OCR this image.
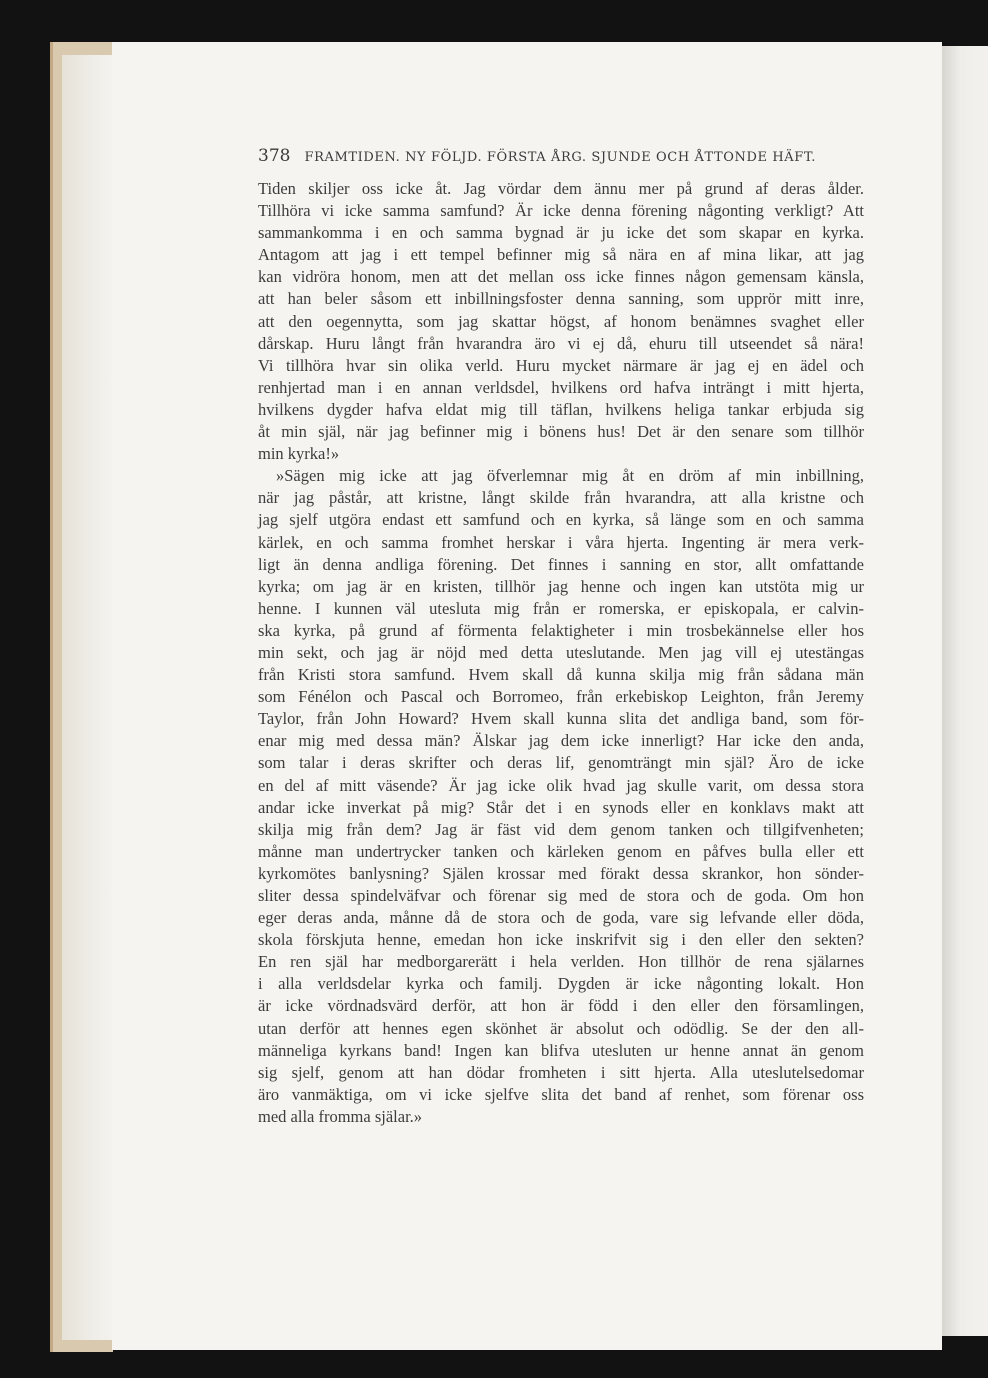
378 FRAMTIDEN. NY FÖLJD. FÖRSTA ÅRG. SJUNDE OCH ÅTTONDE HÄFT.
Tiden skiljer oss icke åt. Jag vördar dem ännu mer på grund af deras ålder.
Tillhöra vi icke samma samfund? Är icke denna förening någonting verkligt? Att
sammankomma i en och samma bygnad är ju icke det som skapar en kyrka.
Antagom att jag i ett tempel befinner mig så nära en af mina likar, att jag
kan vidröra honom, men att det mellan oss icke finnes någon gemensam känsla,
att han beler såsom ett inbillningsfoster denna sanning, som upprör mitt inre,
att den oegennytta, som jag skattar högst, af honom benämnes svaghet eller
dårskap. Huru långt från hvarandra äro vi ej då, ehuru till utseendet så nära!
Vi tillhöra hvar sin olika verld. Huru mycket närmare är jag ej en ädel och
renhjertad man i en annan verldsdel, hvilkens ord hafva inträngt i mitt hjerta,
hvilkens dygder hafva eldat mig till täflan, hvilkens heliga tankar erbjuda sig
åt min själ, när jag befinner mig i bönens hus! Det är den senare som tillhör
min kyrka!»
»Sägen mig icke att jag öfverlemnar mig åt en dröm af min inbillning,
när jag påstår, att kristne, långt skilde från hvarandra, att alla kristne och
jag sjelf utgöra endast ett samfund och en kyrka, så länge som en och samma
kärlek, en och samma fromhet herskar i våra hjerta. Ingenting är mera verk-
ligt än denna andliga förening. Det finnes i sanning en stor, allt omfattande
kyrka; om jag är en kristen, tillhör jag henne och ingen kan utstöta mig ur
henne. I kunnen väl utesluta mig från er romerska, er episkopala, er calvin-
ska kyrka, på grund af förmenta felaktigheter i min trosbekännelse eller hos
min sekt, och jag är nöjd med detta uteslutande. Men jag vill ej utestängas
från Kristi stora samfund. Hvem skall då kunna skilja mig från sådana män
som Fénélon och Pascal och Borromeo, från erkebiskop Leighton, från Jeremy
Taylor, från John Howard? Hvem skall kunna slita det andliga band, som för-
enar mig med dessa män? Älskar jag dem icke innerligt? Har icke den anda,
som talar i deras skrifter och deras lif, genomträngt min själ? Äro de icke
en del af mitt väsende? Är jag icke olik hvad jag skulle varit, om dessa stora
andar icke inverkat på mig? Står det i en synods eller en konklavs makt att
skilja mig från dem? Jag är fäst vid dem genom tanken och tillgifvenheten;
månne man undertrycker tanken och kärleken genom en påfves bulla eller ett
kyrkomötes banlysning? Själen krossar med förakt dessa skrankor, hon sönder-
sliter dessa spindelväfvar och förenar sig med de stora och de goda. Om hon
eger deras anda, månne då de stora och de goda, vare sig lefvande eller döda,
skola förskjuta henne, emedan hon icke inskrifvit sig i den eller den sekten?
En ren själ har medborgarerätt i hela verlden. Hon tillhör de rena själarnes
i alla verldsdelar kyrka och familj. Dygden är icke någonting lokalt. Hon
är icke vördnadsvärd derför, att hon är född i den eller den församlingen,
utan derför att hennes egen skönhet är absolut och odödlig. Se der den all-
männeliga kyrkans band! Ingen kan blifva utesluten ur henne annat än genom
sig sjelf, genom att han dödar fromheten i sitt hjerta. Alla uteslutelsedomar
äro vanmäktiga, om vi icke sjelfve slita det band af renhet, som förenar oss
med alla fromma själar.»
